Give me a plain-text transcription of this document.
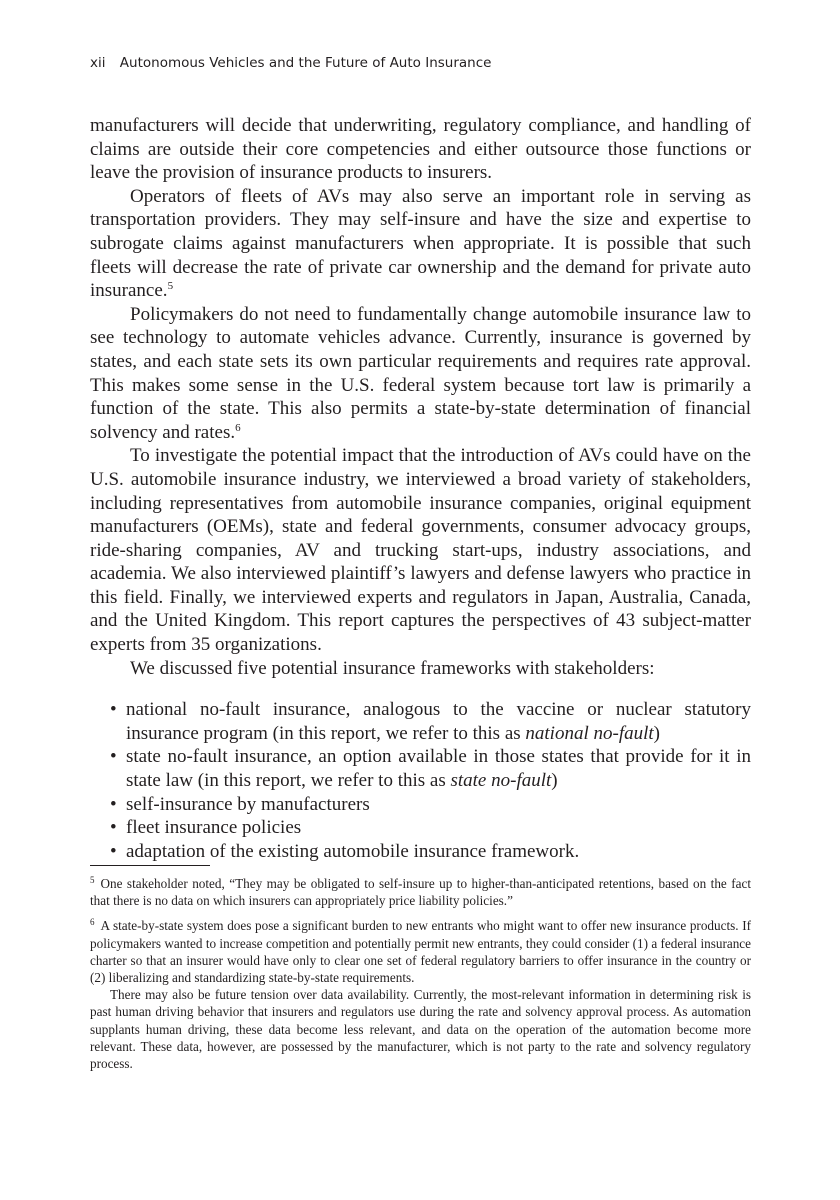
xii Autonomous Vehicles and the Future of Auto Insurance

manufacturers will decide that underwriting, regulatory compliance, and handling of claims are outside their core competencies and either outsource those functions or leave the provision of insurance products to insurers.

Operators of fleets of AVs may also serve an important role in serving as transportation providers. They may self-insure and have the size and expertise to subrogate claims against manufacturers when appropriate. It is possible that such fleets will decrease the rate of private car ownership and the demand for private auto insurance.$^5$

Policymakers do not need to fundamentally change automobile insurance law to see technology to automate vehicles advance. Currently, insurance is governed by states, and each state sets its own particular requirements and requires rate approval. This makes some sense in the U.S. federal system because tort law is primarily a function of the state. This also permits a state-by-state determination of financial solvency and rates.$^6$

To investigate the potential impact that the introduction of AVs could have on the U.S. automobile insurance industry, we interviewed a broad variety of stakeholders, including representatives from automobile insurance companies, original equipment manufacturers (OEMs), state and federal governments, consumer advocacy groups, ride-sharing companies, AV and trucking start-ups, industry associations, and academia. We also interviewed plaintiff’s lawyers and defense lawyers who practice in this field. Finally, we interviewed experts and regulators in Japan, Australia, Canada, and the United Kingdom. This report captures the perspectives of 43 subject-matter experts from 35 organizations.

We discussed five potential insurance frameworks with stakeholders:

• national no-fault insurance, analogous to the vaccine or nuclear statutory insurance program (in this report, we refer to this as national no-fault)
• state no-fault insurance, an option available in those states that provide for it in state law (in this report, we refer to this as state no-fault)
• self-insurance by manufacturers
• fleet insurance policies
• adaptation of the existing automobile insurance framework.

$^5$ One stakeholder noted, “They may be obligated to self-insure up to higher-than-anticipated retentions, based on the fact that there is no data on which insurers can appropriately price liability policies.”

$^6$ A state-by-state system does pose a significant burden to new entrants who might want to offer new insurance products. If policymakers wanted to increase competition and potentially permit new entrants, they could consider (1) a federal insurance charter so that an insurer would have only to clear one set of federal regulatory barriers to offer insurance in the country or (2) liberalizing and standardizing state-by-state requirements.

There may also be future tension over data availability. Currently, the most-relevant information in determining risk is past human driving behavior that insurers and regulators use during the rate and solvency approval process. As automation supplants human driving, these data become less relevant, and data on the operation of the automation become more relevant. These data, however, are possessed by the manufacturer, which is not party to the rate and solvency regulatory process.
